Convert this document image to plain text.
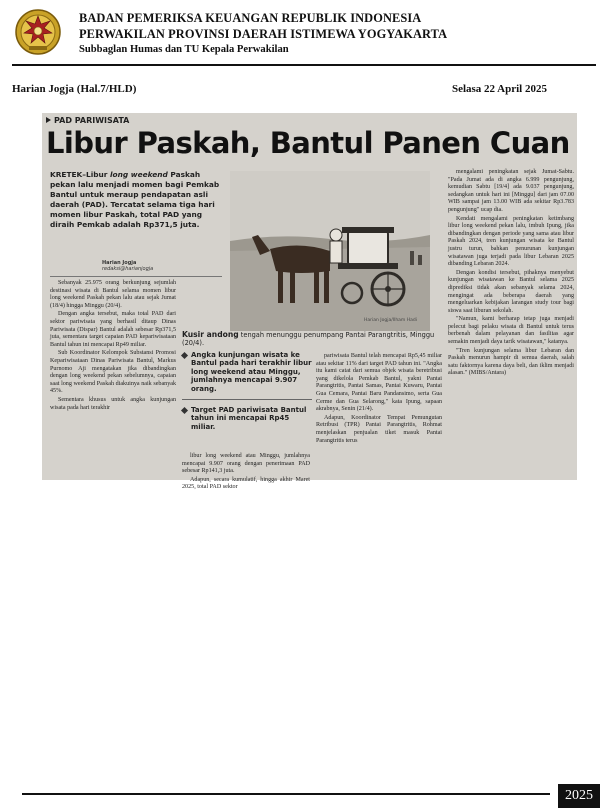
BADAN PEMERIKSA KEUANGAN REPUBLIK INDONESIA
PERWAKILAN PROVINSI DAERAH ISTIMEWA YOGYAKARTA
Subbaglan Humas dan TU Kepala Perwakilan
Harian Jogja (Hal.7/HLD)	Selasa 22 April 2025
PAD PARIWISATA
Libur Paskah, Bantul Panen Cuan
KRETEK–Libur long weekend Paskah pekan lalu menjadi momen bagi Pemkab Bantul untuk meraup pendapatan asli daerah (PAD). Tercatat selama tiga hari momen libur Paskah, total PAD yang diraih Pemkab adalah Rp371,5 juta.
Harian Jogja
redaksi@harianjogja
Harian Jogja/Ilham Hadi
Kusir andong tengah menunggu penumpang Pantai Parangtritis, Minggu (20/4).

Sebanyak 25.975 orang berkunjung sejumlah destinasi wisata di Bantul selama momen libur long weekend Paskah pekan lalu atau sejak Jumat (18/4) hingga Minggu (20/4).

Dengan angka tersebut, maka total PAD dari sektor pariwisata yang berhasil ditaup Dinas Pariwisata (Dispar) Bantul adalah sebesar Rp371,5 juta, sementara target capaian PAD kepariwisataan Bantul tahun ini mencapai Rp49 miliar.

Sub Koordinator Kelompok Substansi Promosi Kepariwisataan Dinas Pariwisata Bantul, Markus Purnomo Aji mengatakan jika dibandingkan dengan long weekend pekan sebelumnya, capaian saat long weekend Paskah diakuinya naik sebanyak 45%.

Sementara khusus untuk angka kunjungan wisata pada hari terakhir

Angka kunjungan wisata ke Bantul pada hari terakhir libur long weekend atau Minggu, jumlahnya mencapai 9.907 orang.
Target PAD pariwisata Bantul tahun ini mencapai Rp45 miliar.

libur long weekend atau Minggu, jumlahnya mencapai 9.907 orang dengan penerimaan PAD sebesar Rp141,3 juta.

Adapun, secara kumulatif, hingga akhir Maret 2025, total PAD sektor

pariwisata Bantul telah mencapai Rp5,45 miliar atau sekitar 11% dari target PAD tahun ini. "Angka itu kami catat dari semua objek wisata beretribusi yang dikelola Pemkab Bantul, yakni Pantai Parangtritis, Pantai Samas, Pantai Kuwaru, Pantai Gua Cemara, Pantai Baru Pandansimo, serta Gua Cerme dan Gua Selarong," kata Ipung, sapaan akrabnya, Senin (21/4).

Adapun, Koordinator Tempat Pemungutan Retribusi (TPR) Pantai Parangtritis, Rohmat menjelaskan penjualan tiket masuk Pantai Parangtritis terus

mengalami peningkatan sejak Jumat-Sabtu. "Pada Jumat ada di angka 6.999 pengunjung, kemudian Sabtu [19/4] ada 9.037 pengunjung, sedangkan untuk hari ini [Minggu] dari jam 07.00 WIB sampai jam 13.00 WIB ada sekitar Rp3.783 pengunjung" ucap dia.

Kendati mengalami peningkatan ketimbang libur long weekend pekan lalu, imbuh Ipung, jika dibandingkan dengan periode yang sama atau libur Paskah 2024, tren kunjungan wisata ke Bantul justru turun, bahkan penurunan kunjungan wisatawan juga terjadi pada libur Lebaran 2025 dibanding Lebaran 2024.

Dengan kondisi tersebut, pihaknya menyebut kunjungan wisatawan ke Bantul selama 2025 diprediksi tidak akan sebanyak selama 2024, mengingat ada beberapa daerah yang mengeluarkan kebijakan larangan study tour bagi siswa saat liburan sekolah.

"Namun, kami berharap tetap juga menjadi pelecut bagi pelaku wisata di Bantul untuk terus berbenah dalam pelayanan dan fasilitas agar semakin menjadi daya tarik wisatawan," katanya.

"Tren kunjungan selama libur Lebaran dan Paskah menurun hampir di semua daerah, salah satu faktornya karena daya beli, dan iklim menjadi alasan." (MIBS/Antara)

2025
